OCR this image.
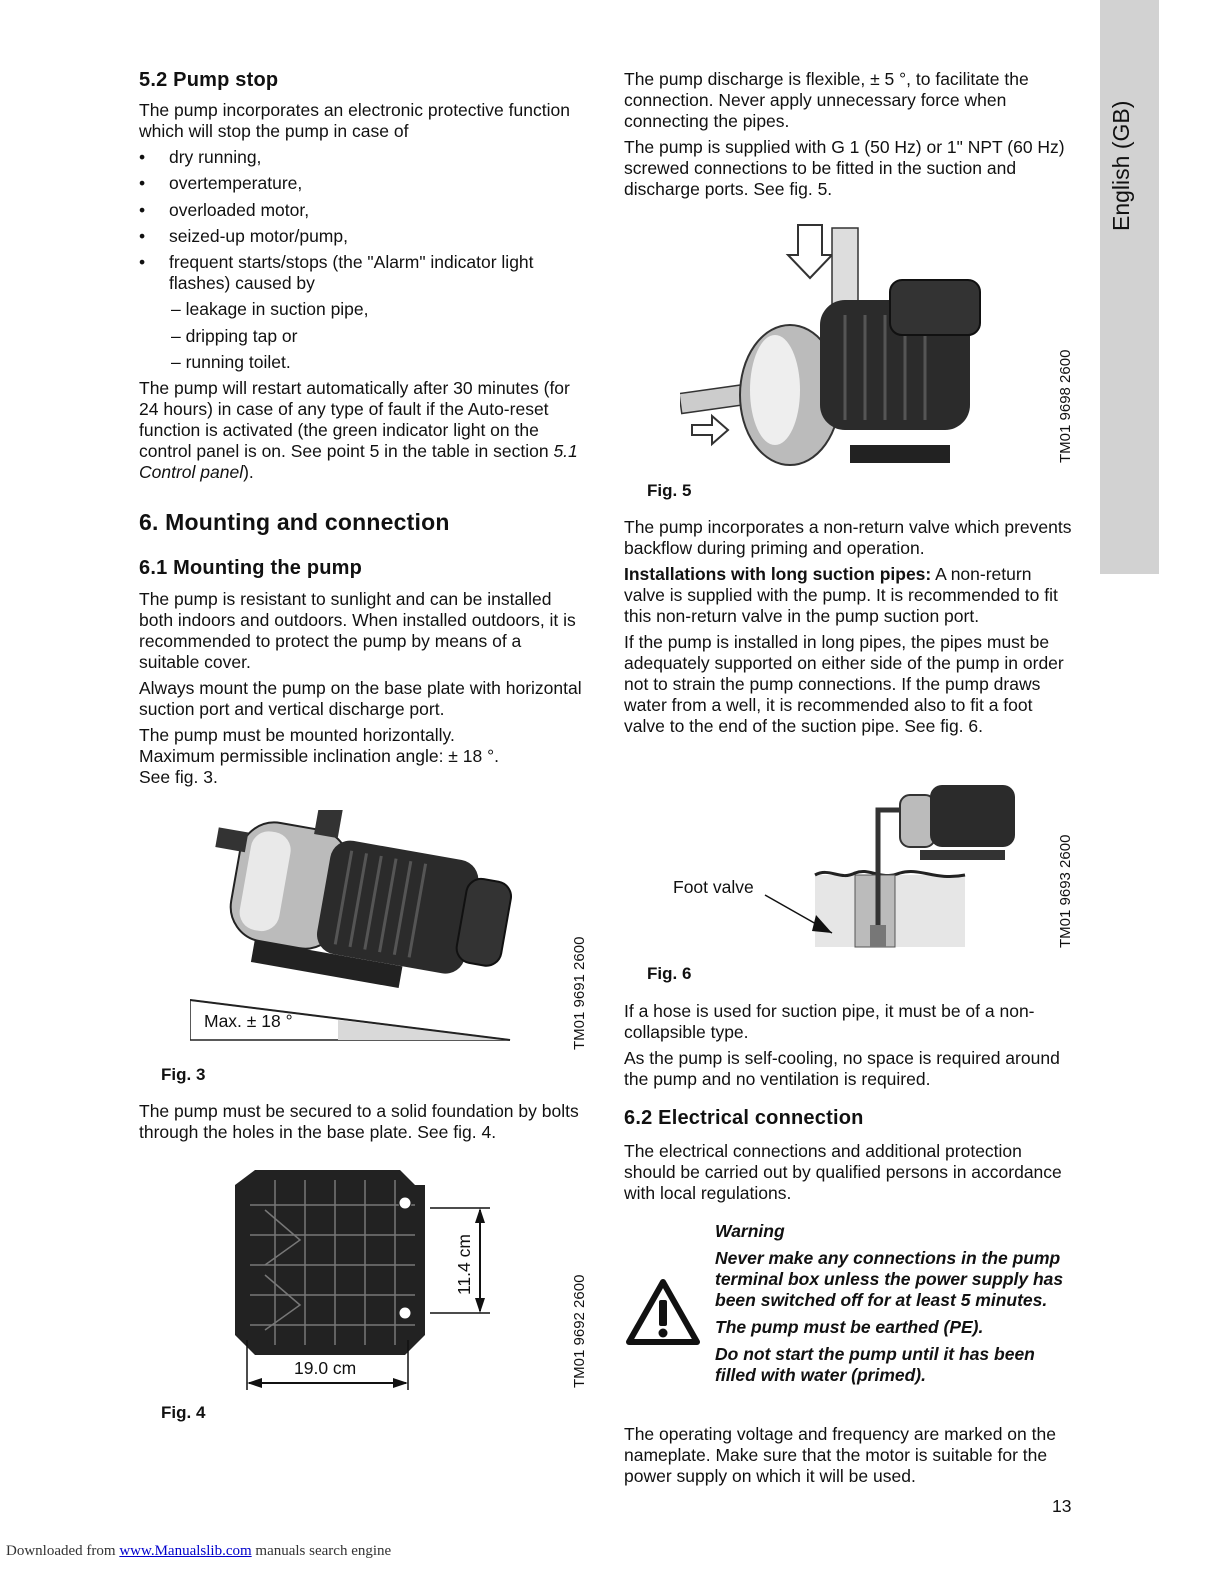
English (GB)
5.2 Pump stop

The pump incorporates an electronic protective function which will stop the pump in case of

• dry running,
• overtemperature,
• overloaded motor,
• seized-up motor/pump,
• frequent starts/stops (the "Alarm" indicator light flashes) caused by
– leakage in suction pipe,
– dripping tap or
– running toilet.

The pump will restart automatically after 30 minutes (for 24 hours) in case of any type of fault if the Auto-reset function is activated (the green indicator light on the control panel is on. See point 5 in the table in section 5.1 Control panel).

6. Mounting and connection
6.1 Mounting the pump

The pump is resistant to sunlight and can be installed both indoors and outdoors. When installed outdoors, it is recommended to protect the pump by means of a suitable cover.

Always mount the pump on the base plate with horizontal suction port and vertical discharge port.

The pump must be mounted horizontally.

Maximum permissible inclination angle: ± 18 °.

See fig. 3.

Max. ± 18 °	TM01 9691 2600
Fig. 3

The pump must be secured to a solid foundation by bolts through the holes in the base plate. See fig. 4.

11.4 cm
19.0 cm	TM01 9692 2600
Fig. 4

The pump discharge is flexible, ± 5 °, to facilitate the connection. Never apply unnecessary force when connecting the pipes.

The pump is supplied with G 1 (50 Hz) or 1" NPT (60 Hz) screwed connections to be fitted in the suction and discharge ports. See fig. 5.

TM01 9698 2600
Fig. 5

The pump incorporates a non-return valve which prevents backflow during priming and operation.

Installations with long suction pipes: A non-return valve is supplied with the pump. It is recommended to fit this non-return valve in the pump suction port.

If the pump is installed in long pipes, the pipes must be adequately supported on either side of the pump in order not to strain the pump connections. If the pump draws water from a well, it is recommended also to fit a foot valve to the end of the suction pipe. See fig. 6.

Foot valve	TM01 9693 2600
Fig. 6

If a hose is used for suction pipe, it must be of a non-collapsible type.

As the pump is self-cooling, no space is required around the pump and no ventilation is required.

6.2 Electrical connection

The electrical connections and additional protection should be carried out by qualified persons in accordance with local regulations.

Warning

Never make any connections in the pump terminal box unless the power supply has been switched off for at least 5 minutes.

The pump must be earthed (PE).

Do not start the pump until it has been filled with water (primed).

The operating voltage and frequency are marked on the nameplate. Make sure that the motor is suitable for the power supply on which it will be used.

13
Downloaded from www.Manualslib.com manuals search engine
